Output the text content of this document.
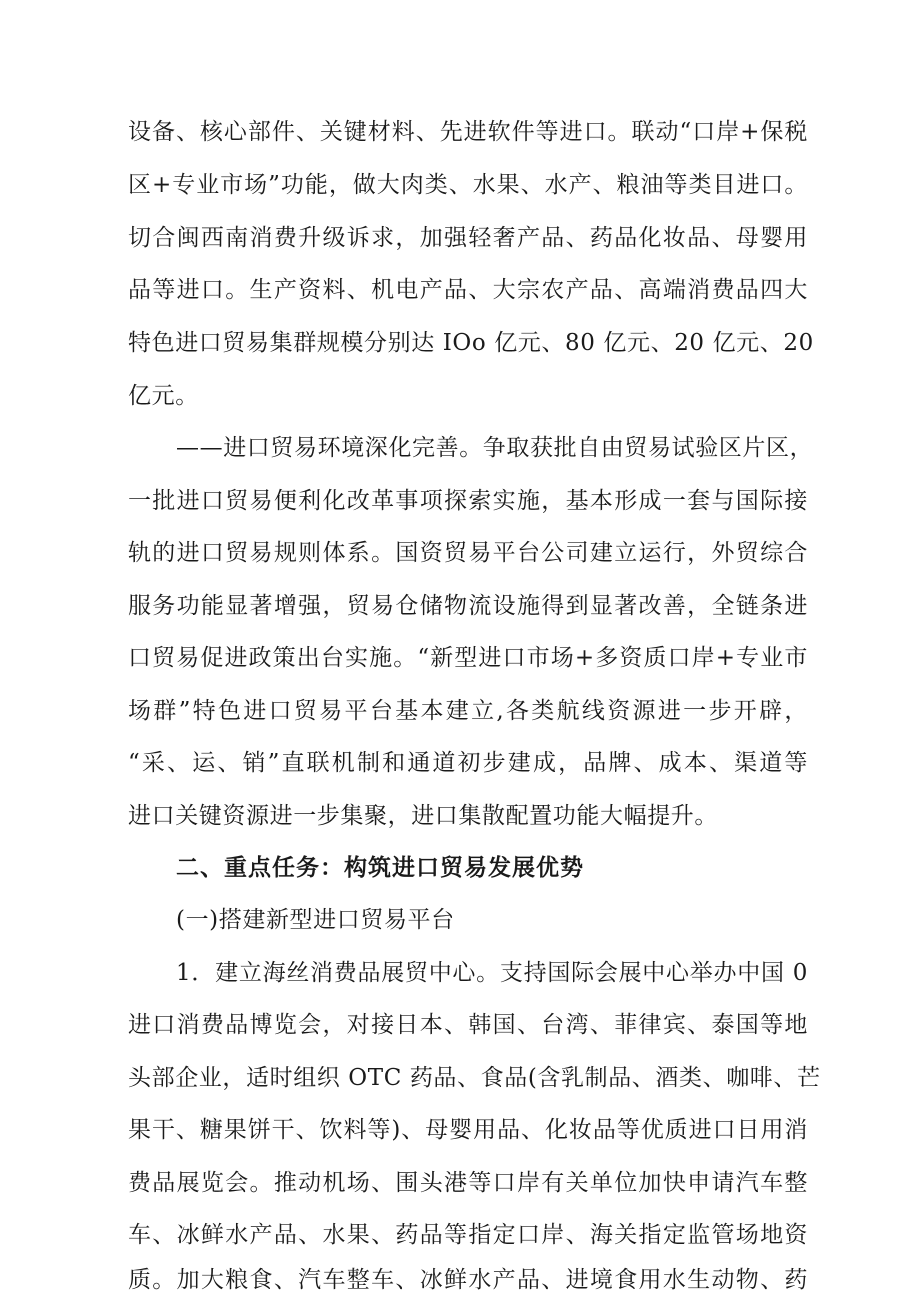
设备、核心部件、关键材料、先进软件等进口。联动“口岸+保税
区+专业市场”功能，做大肉类、水果、水产、粮油等类目进口。
切合闽西南消费升级诉求，加强轻奢产品、药品化妆品、母婴用
品等进口。生产资料、机电产品、大宗农产品、高端消费品四大
特色进口贸易集群规模分别达 IOo 亿元、80 亿元、20 亿元、20
亿元。
——进口贸易环境深化完善。争取获批自由贸易试验区片区，
一批进口贸易便利化改革事项探索实施，基本形成一套与国际接
轨的进口贸易规则体系。国资贸易平台公司建立运行，外贸综合
服务功能显著增强，贸易仓储物流设施得到显著改善，全链条进
口贸易促进政策出台实施。“新型进口市场+多资质口岸+专业市
场群”特色进口贸易平台基本建立,各类航线资源进一步开辟，
“采、运、销”直联机制和通道初步建成，品牌、成本、渠道等
进口关键资源进一步集聚，进口集散配置功能大幅提升。
二、重点任务：构筑进口贸易发展优势
(一)搭建新型进口贸易平台
1．建立海丝消费品展贸中心。支持国际会展中心举办中国 0
进口消费品博览会，对接日本、韩国、台湾、菲律宾、泰国等地
头部企业，适时组织 OTC 药品、食品(含乳制品、酒类、咖啡、芒
果干、糖果饼干、饮料等)、母婴用品、化妆品等优质进口日用消
费品展览会。推动机场、围头港等口岸有关单位加快申请汽车整
车、冰鲜水产品、水果、药品等指定口岸、海关指定监管场地资
质。加大粮食、汽车整车、冰鲜水产品、进境食用水生动物、药
